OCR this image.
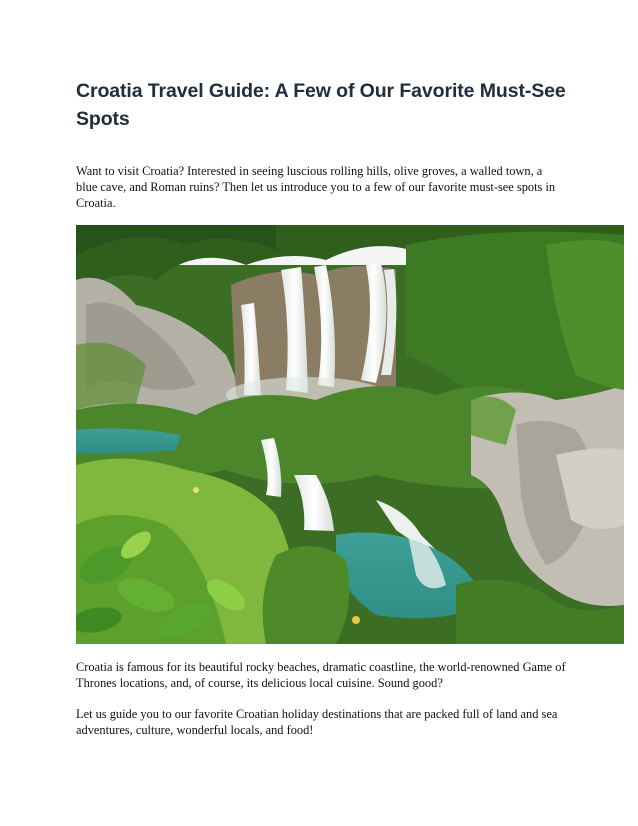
Croatia Travel Guide: A Few of Our Favorite Must-See Spots

Want to visit Croatia? Interested in seeing luscious rolling hills, olive groves, a walled town, a blue cave, and Roman ruins? Then let us introduce you to a few of our favorite must-see spots in Croatia.

Croatia is famous for its beautiful rocky beaches, dramatic coastline, the world-renowned Game of Thrones locations, and, of course, its delicious local cuisine. Sound good?

Let us guide you to our favorite Croatian holiday destinations that are packed full of land and sea adventures, culture, wonderful locals, and food!
